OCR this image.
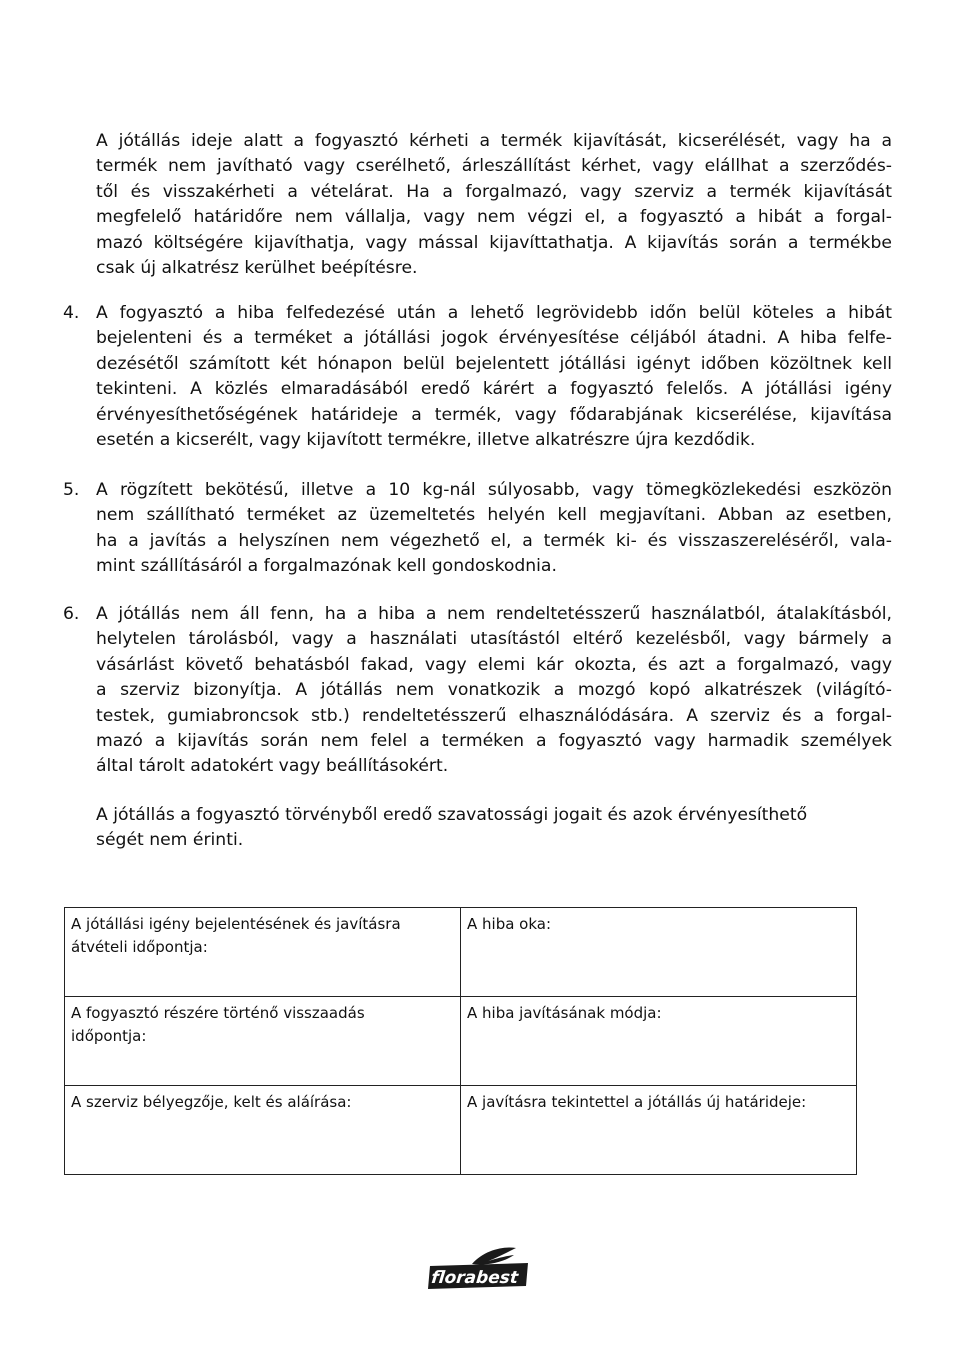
A jótállás ideje alatt a fogyasztó kérheti a termék kijavítását, kicserélését, vagy ha a
termék nem javítható vagy cserélhető, árleszállítást kérhet, vagy elállhat a szerződés-
től és visszakérheti a vételárat. Ha a forgalmazó, vagy szerviz a termék kijavítását
megfelelő határidőre nem vállalja, vagy nem végzi el, a fogyasztó a hibát a forgal-
mazó költségére kijavíthatja, vagy mással kijavíttathatja. A kijavítás során a termékbe
csak új alkatrész kerülhet beépítésre.
4. A fogyasztó a hiba felfedezésé után a lehető legrövidebb időn belül köteles a hibát
bejelenteni és a terméket a jótállási jogok érvényesítése céljából átadni. A hiba felfe-
dezésétől számított két hónapon belül bejelentett jótállási igényt időben közöltnek kell
tekinteni. A közlés elmaradásából eredő kárért a fogyasztó felelős. A jótállási igény
érvényesíthetőségének határideje a termék, vagy fődarabjának kicserélése, kijavítása
esetén a kicserélt, vagy kijavított termékre, illetve alkatrészre újra kezdődik.
5. A rögzített bekötésű, illetve a 10 kg-nál súlyosabb, vagy tömegközlekedési eszközön
nem szállítható terméket az üzemeltetés helyén kell megjavítani. Abban az esetben,
ha a javítás a helyszínen nem végezhető el, a termék ki- és visszaszereléséről, vala-
mint szállításáról a forgalmazónak kell gondoskodnia.
6. A jótállás nem áll fenn, ha a hiba a nem rendeltetésszerű használatból, átalakításból,
helytelen tárolásból, vagy a használati utasítástól eltérő kezelésből, vagy bármely a
vásárlást követő behatásból fakad, vagy elemi kár okozta, és azt a forgalmazó, vagy
a szerviz bizonyítja. A jótállás nem vonatkozik a mozgó kopó alkatrészek (világító-
testek, gumiabroncsok stb.) rendeltetésszerű elhasználódására. A szerviz és a forgal-
mazó a kijavítás során nem felel a terméken a fogyasztó vagy harmadik személyek
által tárolt adatokért vagy beállításokért.
A jótállás a fogyasztó törvényből eredő szavatossági jogait és azok érvényesíthető
ségét nem érinti.
A jótállási igény bejelentésének és javításra
átvételi időpontja:	A hiba oka:

A fogyasztó részére történő visszaadás
időpontja:	A hiba javításának módja:

A szerviz bélyegzője, kelt és aláírása:	A javításra tekintettel a jótállás új határideje:
florabest
